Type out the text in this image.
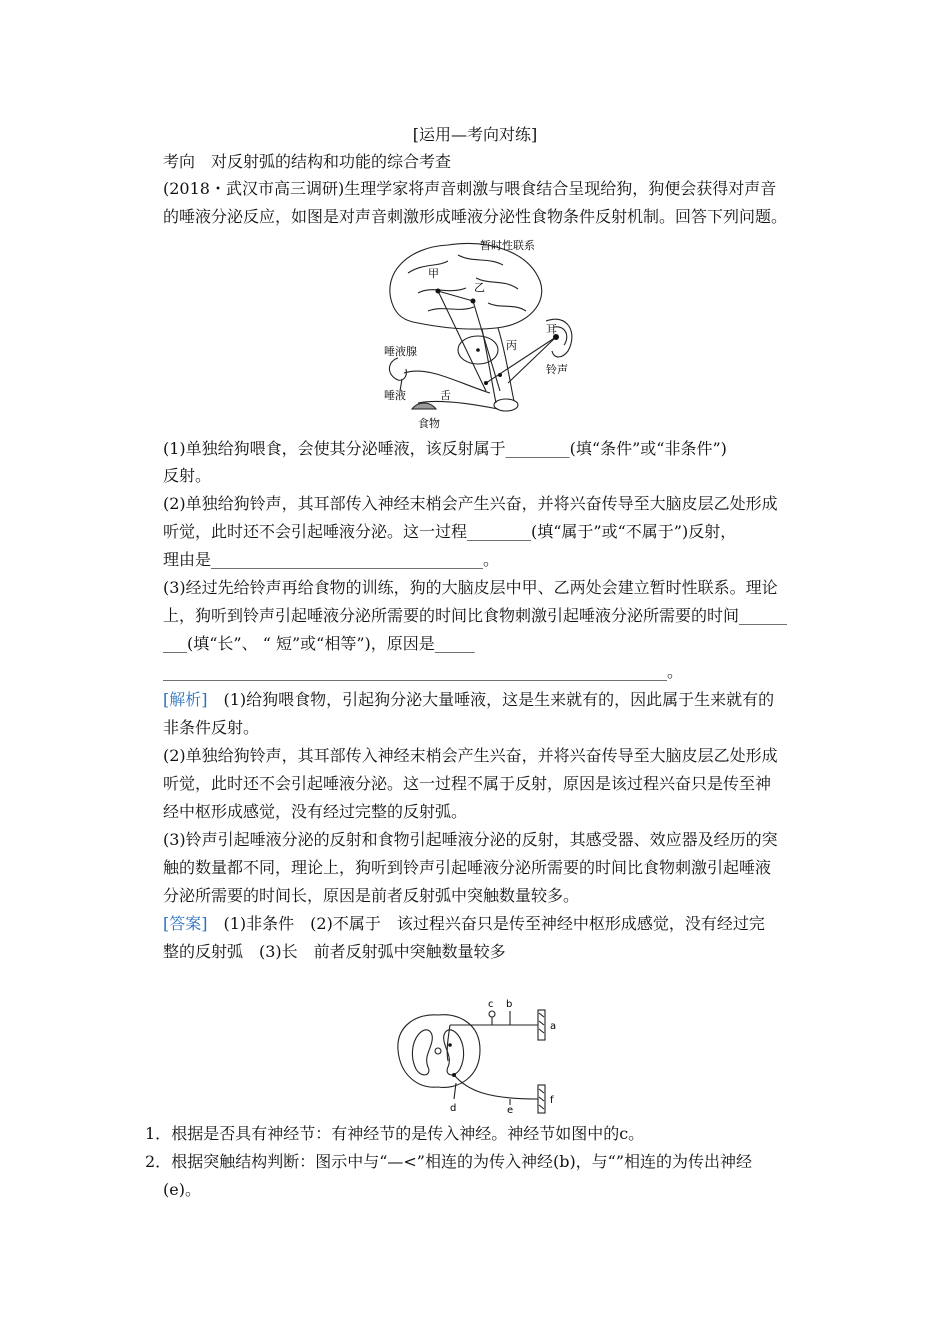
[运用—考向对练]
考向　对反射弧的结构和功能的综合考查
(2018・武汉市高三调研)生理学家将声音刺激与喂食结合呈现给狗，狗便会获得对声音
的唾液分泌反应，如图是对声音刺激形成唾液分泌性食物条件反射机制。回答下列问题。
暂时性联系
甲
乙
丙
耳
铃声
唾液腺
唾液	舌
食物
(1)单独给狗喂食，会使其分泌唾液，该反射属于________(填“条件”或“非条件”)
反射。
(2)单独给狗铃声，其耳部传入神经末梢会产生兴奋，并将兴奋传导至大脑皮层乙处形成
听觉，此时还不会引起唾液分泌。这一过程________(填“属于”或“不属于”)反射，
理由是__________________________________。
(3)经过先给铃声再给食物的训练，狗的大脑皮层中甲、乙两处会建立暂时性联系。理论
上，狗听到铃声引起唾液分泌所需要的时间比食物刺激引起唾液分泌所需要的时间______
___(填“长”、 “ 短”或“相等”)，原因是_____
_______________________________________________________________。
[解析]　(1)给狗喂食物，引起狗分泌大量唾液，这是生来就有的，因此属于生来就有的
非条件反射。
(2)单独给狗铃声，其耳部传入神经末梢会产生兴奋，并将兴奋传导至大脑皮层乙处形成
听觉，此时还不会引起唾液分泌。这一过程不属于反射，原因是该过程兴奋只是传至神
经中枢形成感觉，没有经过完整的反射弧。
(3)铃声引起唾液分泌的反射和食物引起唾液分泌的反射，其感受器、效应器及经历的突
触的数量都不同，理论上，狗听到铃声引起唾液分泌所需要的时间比食物刺激引起唾液
分泌所需要的时间长，原因是前者反射弧中突触数量较多。
[答案]　(1)非条件　(2)不属于　该过程兴奋只是传至神经中枢形成感觉，没有经过完
整的反射弧　(3)长　前者反射弧中突触数量较多
a
b
c
d	e
f
1．根据是否具有神经节：有神经节的是传入神经。神经节如图中的c。
2．根据突触结构判断：图示中与“—<”相连的为传入神经(b)，与“”相连的为传出神经
(e)。
